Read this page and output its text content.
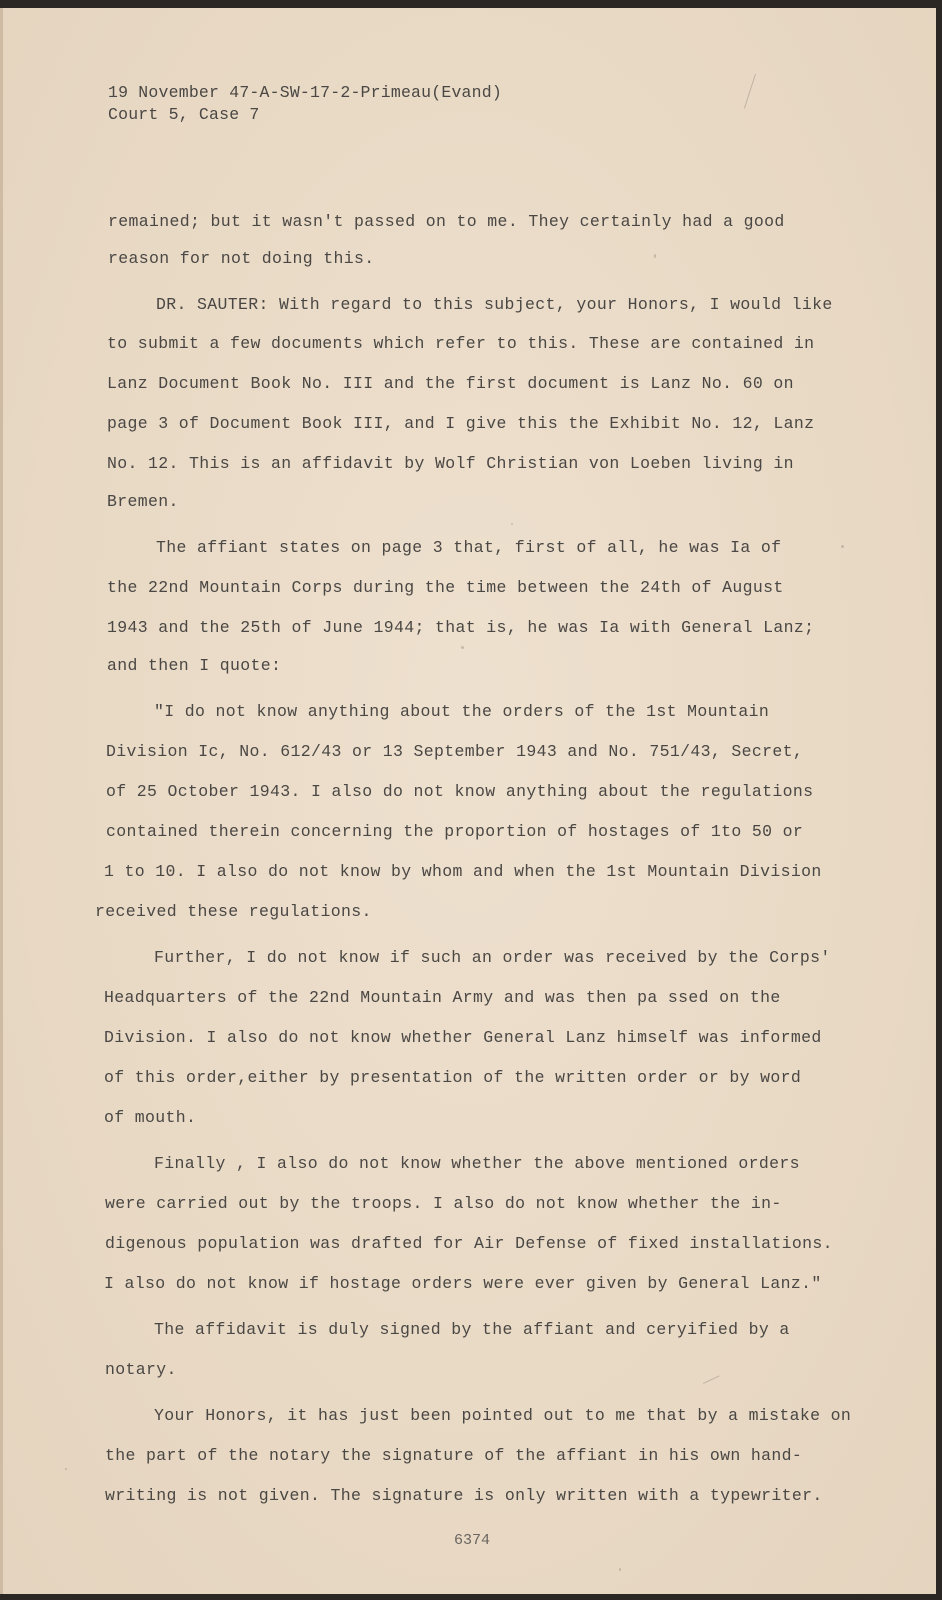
19 November 47-A-SW-17-2-Primeau(Evand)
Court 5, Case 7
remained; but it wasn't passed on to me. They certainly had a good
reason for not doing this.
DR. SAUTER: With regard to this subject, your Honors, I would like
to submit a few documents which refer to this. These are contained in
Lanz Document Book No. III and the first document is Lanz No. 60 on
page 3 of Document Book III, and I give this the Exhibit No. 12, Lanz
No. 12. This is an affidavit by Wolf Christian von Loeben living in
Bremen.
The affiant states on page 3 that, first of all, he was Ia of
the 22nd Mountain Corps during the time between the 24th of August
1943 and the 25th of June 1944; that is, he was Ia with General Lanz;
and then I quote:
"I do not know anything about the orders of the 1st Mountain
Division Ic, No. 612/43 or 13 September 1943 and No. 751/43, Secret,
of 25 October 1943. I also do not know anything about the regulations
contained therein concerning the proportion of hostages of 1to 50 or
1 to 10. I also do not know by whom and when the 1st Mountain Division
received these regulations.
Further, I do not know if such an order was received by the Corps'
Headquarters of the 22nd Mountain Army and was then pa ssed on the
Division. I also do not know whether General Lanz himself was informed
of this order,either by presentation of the written order or by word
of mouth.
Finally , I also do not know whether the above mentioned orders
were carried out by the troops. I also do not know whether the in-
digenous population was drafted for Air Defense of fixed installations.
I also do not know if hostage orders were ever given by General Lanz."
The affidavit is duly signed by the affiant and ceryified by a
notary.
Your Honors, it has just been pointed out to me that by a mistake on
the part of the notary the signature of the affiant in his own hand-
writing is not given. The signature is only written with a typewriter.
6374
